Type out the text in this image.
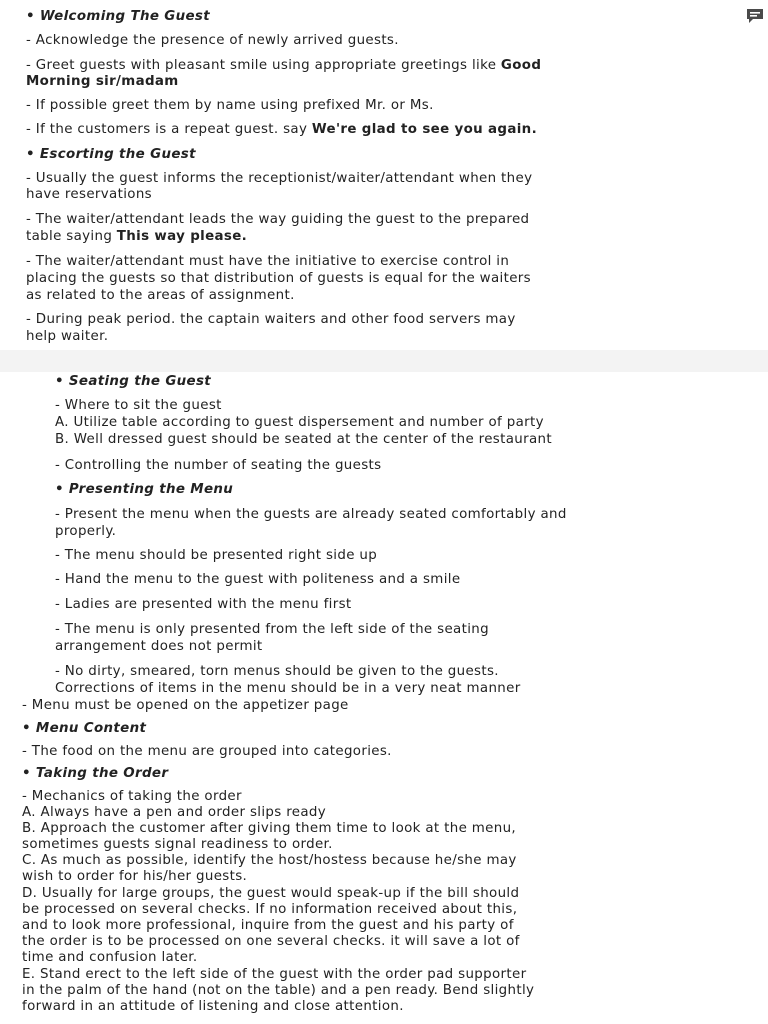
• Welcoming The Guest
- Acknowledge the presence of newly arrived guests.
- Greet guests with pleasant smile using appropriate greetings like Good
Morning sir/madam
- If possible greet them by name using prefixed Mr. or Ms.
- If the customers is a repeat guest. say We're glad to see you again.
• Escorting the Guest
- Usually the guest informs the receptionist/waiter/attendant when they
have reservations
- The waiter/attendant leads the way guiding the guest to the prepared
table saying This way please.
- The waiter/attendant must have the initiative to exercise control in
placing the guests so that distribution of guests is equal for the waiters
as related to the areas of assignment.
- During peak period. the captain waiters and other food servers may
help waiter.
• Seating the Guest
- Where to sit the guest
A. Utilize table according to guest dispersement and number of party
B. Well dressed guest should be seated at the center of the restaurant
- Controlling the number of seating the guests
• Presenting the Menu
- Present the menu when the guests are already seated comfortably and
properly.
- The menu should be presented right side up
- Hand the menu to the guest with politeness and a smile
- Ladies are presented with the menu first
- The menu is only presented from the left side of the seating
arrangement does not permit
- No dirty, smeared, torn menus should be given to the guests.
Corrections of items in the menu should be in a very neat manner
- Menu must be opened on the appetizer page
• Menu Content
- The food on the menu are grouped into categories.
• Taking the Order
- Mechanics of taking the order
A. Always have a pen and order slips ready
B. Approach the customer after giving them time to look at the menu,
sometimes guests signal readiness to order.
C. As much as possible, identify the host/hostess because he/she may
wish to order for his/her guests.
D. Usually for large groups, the guest would speak-up if the bill should
be processed on several checks. If no information received about this,
and to look more professional, inquire from the guest and his party of
the order is to be processed on one several checks. it will save a lot of
time and confusion later.
E. Stand erect to the left side of the guest with the order pad supporter
in the palm of the hand (not on the table) and a pen ready. Bend slightly
forward in an attitude of listening and close attention.
